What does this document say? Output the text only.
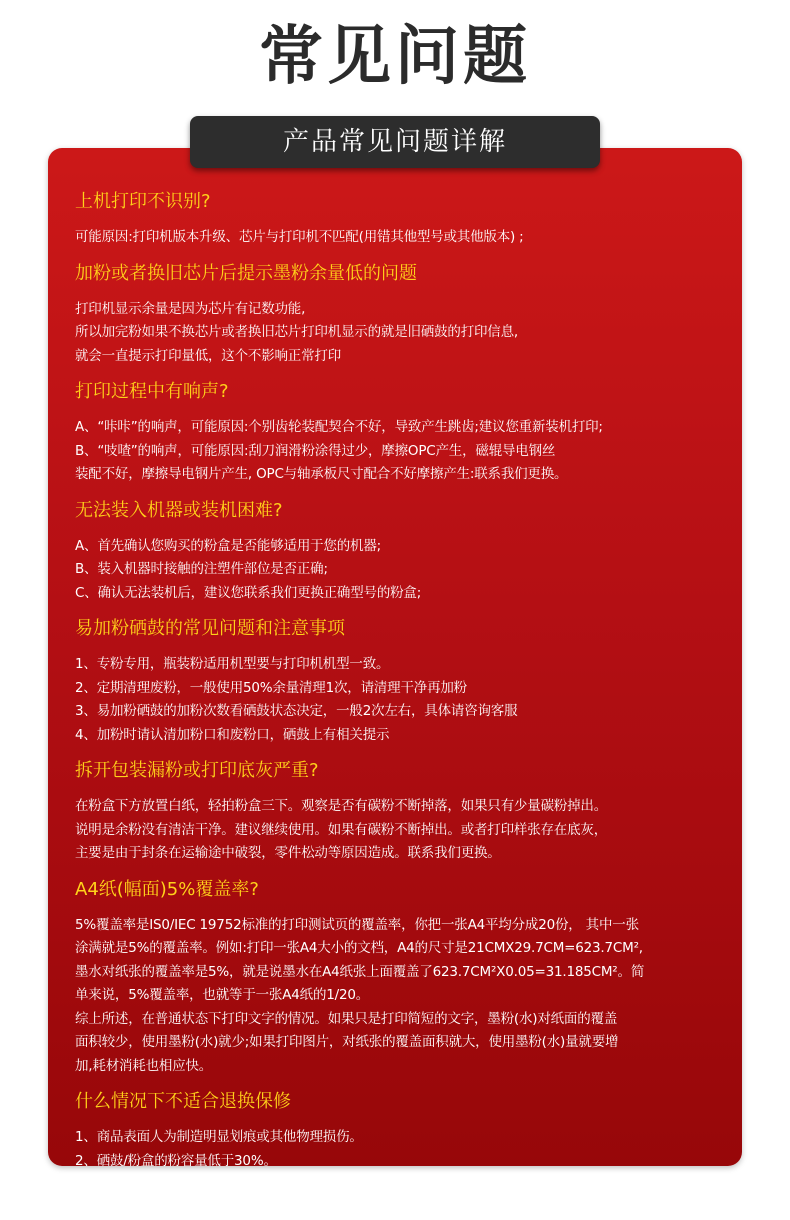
常见问题
产品常见问题详解
上机打印不识别?
可能原因:打印机版本升级、芯片与打印机不匹配(用错其他型号或其他版本) ;
加粉或者换旧芯片后提示墨粉余量低的问题
打印机显示余量是因为芯片有记数功能,
所以加完粉如果不换芯片或者换旧芯片打印机显示的就是旧硒鼓的打印信息,
就会一直提示打印量低，这个不影响正常打印
打印过程中有响声?
A、“咔咔”的响声，可能原因:个别齿轮装配契合不好，导致产生跳齿;建议您重新装机打印;
B、“吱喳”的响声，可能原因:刮刀润滑粉涂得过少，摩擦OPC产生，磁辊导电钢丝
装配不好，摩擦导电钢片产生, OPC与轴承板尺寸配合不好摩擦产生:联系我们更换。
无法装入机器或装机困难?
A、首先确认您购买的粉盒是否能够适用于您的机器;
B、装入机器时接触的注塑件部位是否正确;
C、确认无法装机后，建议您联系我们更换正确型号的粉盒;
易加粉硒鼓的常见问题和注意事项
1、专粉专用，瓶装粉适用机型要与打印机机型一致。
2、定期清理废粉，一般使用50%余量清理1次，请清理干净再加粉
3、易加粉硒鼓的加粉次数看硒鼓状态决定，一般2次左右，具体请咨询客服
4、加粉时请认清加粉口和废粉口，硒鼓上有相关提示
拆开包装漏粉或打印底灰严重?
在粉盒下方放置白纸，轻拍粉盒三下。观察是否有碳粉不断掉落，如果只有少量碳粉掉出。
说明是余粉没有清洁干净。建议继续使用。如果有碳粉不断掉出。或者打印样张存在底灰，
主要是由于封条在运输途中破裂，零件松动等原因造成。联系我们更换。
A4纸(幅面)5%覆盖率?
5%覆盖率是IS0/IEC 19752标准的打印测试页的覆盖率，你把一张A4平均分成20份， 其中一张
涂满就是5%的覆盖率。例如:打印一张A4大小的文档，A4的尺寸是21CMX29.7CM=623.7CM²,
墨水对纸张的覆盖率是5%，就是说墨水在A4纸张上面覆盖了623.7CM²X0.05=31.185CM²。简
单来说，5%覆盖率，也就等于一张A4纸的1/20。
综上所述，在普通状态下打印文字的情况。如果只是打印简短的文字，墨粉(水)对纸面的覆盖
面积较少，使用墨粉(水)就少;如果打印图片，对纸张的覆盖面积就大，使用墨粉(水)量就要增
加,耗材消耗也相应快。
什么情况下不适合退换保修
1、商品表面人为制造明显划痕或其他物理损伤。
2、硒鼓/粉盒的粉容量低于30%。
3、硒鼓/粉盒内碳粉，墨盒内墨水用完后再次添加。
4、非本公司的产品不予退换。
